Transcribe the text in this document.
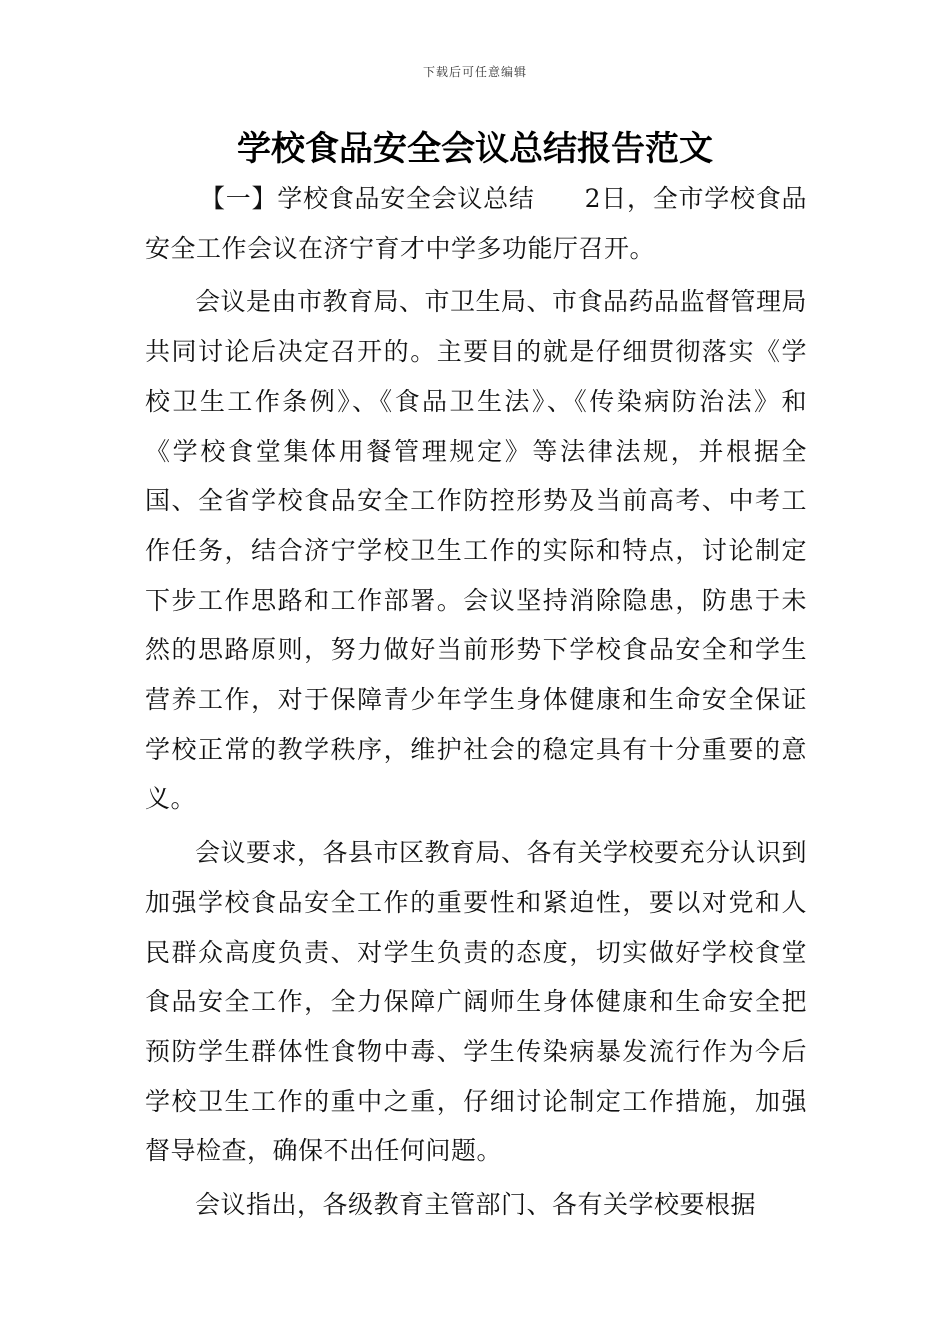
下载后可任意编辑
学校食品安全会议总结报告范文

【一】学校食品安全会议总结 2日，全市学校食品安全工作会议在济宁育才中学多功能厅召开。

会议是由市教育局、市卫生局、市食品药品监督管理局共同讨论后决定召开的。主要目的就是仔细贯彻落实《学校卫生工作条例》、《食品卫生法》、《传染病防治法》和《学校食堂集体用餐管理规定》等法律法规，并根据全国、全省学校食品安全工作防控形势及当前高考、中考工作任务，结合济宁学校卫生工作的实际和特点，讨论制定下步工作思路和工作部署。会议坚持消除隐患，防患于未然的思路原则，努力做好当前形势下学校食品安全和学生营养工作，对于保障青少年学生身体健康和生命安全保证学校正常的教学秩序，维护社会的稳定具有十分重要的意义。

会议要求，各县市区教育局、各有关学校要充分认识到加强学校食品安全工作的重要性和紧迫性，要以对党和人民群众高度负责、对学生负责的态度，切实做好学校食堂食品安全工作，全力保障广阔师生身体健康和生命安全把预防学生群体性食物中毒、学生传染病暴发流行作为今后学校卫生工作的重中之重，仔细讨论制定工作措施，加强督导检查，确保不出任何问题。

会议指出，各级教育主管部门、各有关学校要根据
